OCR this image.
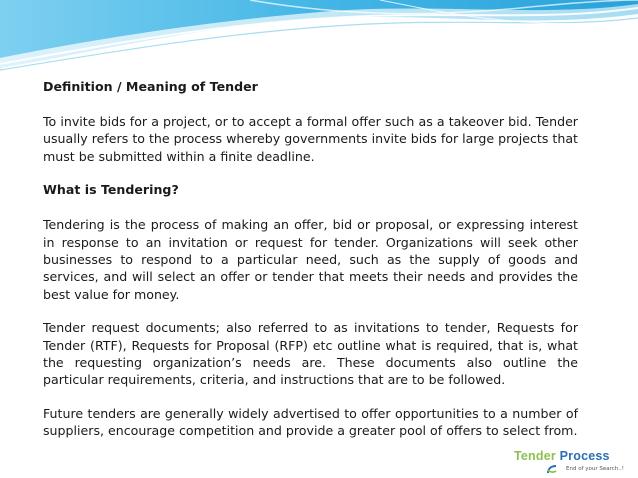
Definition / Meaning of Tender

To invite bids for a project, or to accept a formal offer such as a takeover bid. Tender usually refers to the process whereby governments invite bids for large projects that must be submitted within a finite deadline.

What is Tendering?

Tendering is the process of making an offer, bid or proposal, or expressing interest in response to an invitation or request for tender. Organizations will seek other businesses to respond to a particular need, such as the supply of goods and services, and will select an offer or tender that meets their needs and provides the best value for money.

Tender request documents; also referred to as invitations to tender, Requests for Tender (RTF), Requests for Proposal (RFP) etc outline what is required, that is, what the requesting organization’s needs are. These documents also outline the particular requirements, criteria, and instructions that are to be followed.

Future tenders are generally widely advertised to offer opportunities to a number of suppliers, encourage competition and provide a greater pool of offers to select from.

Tender Process
End of your Search..!
